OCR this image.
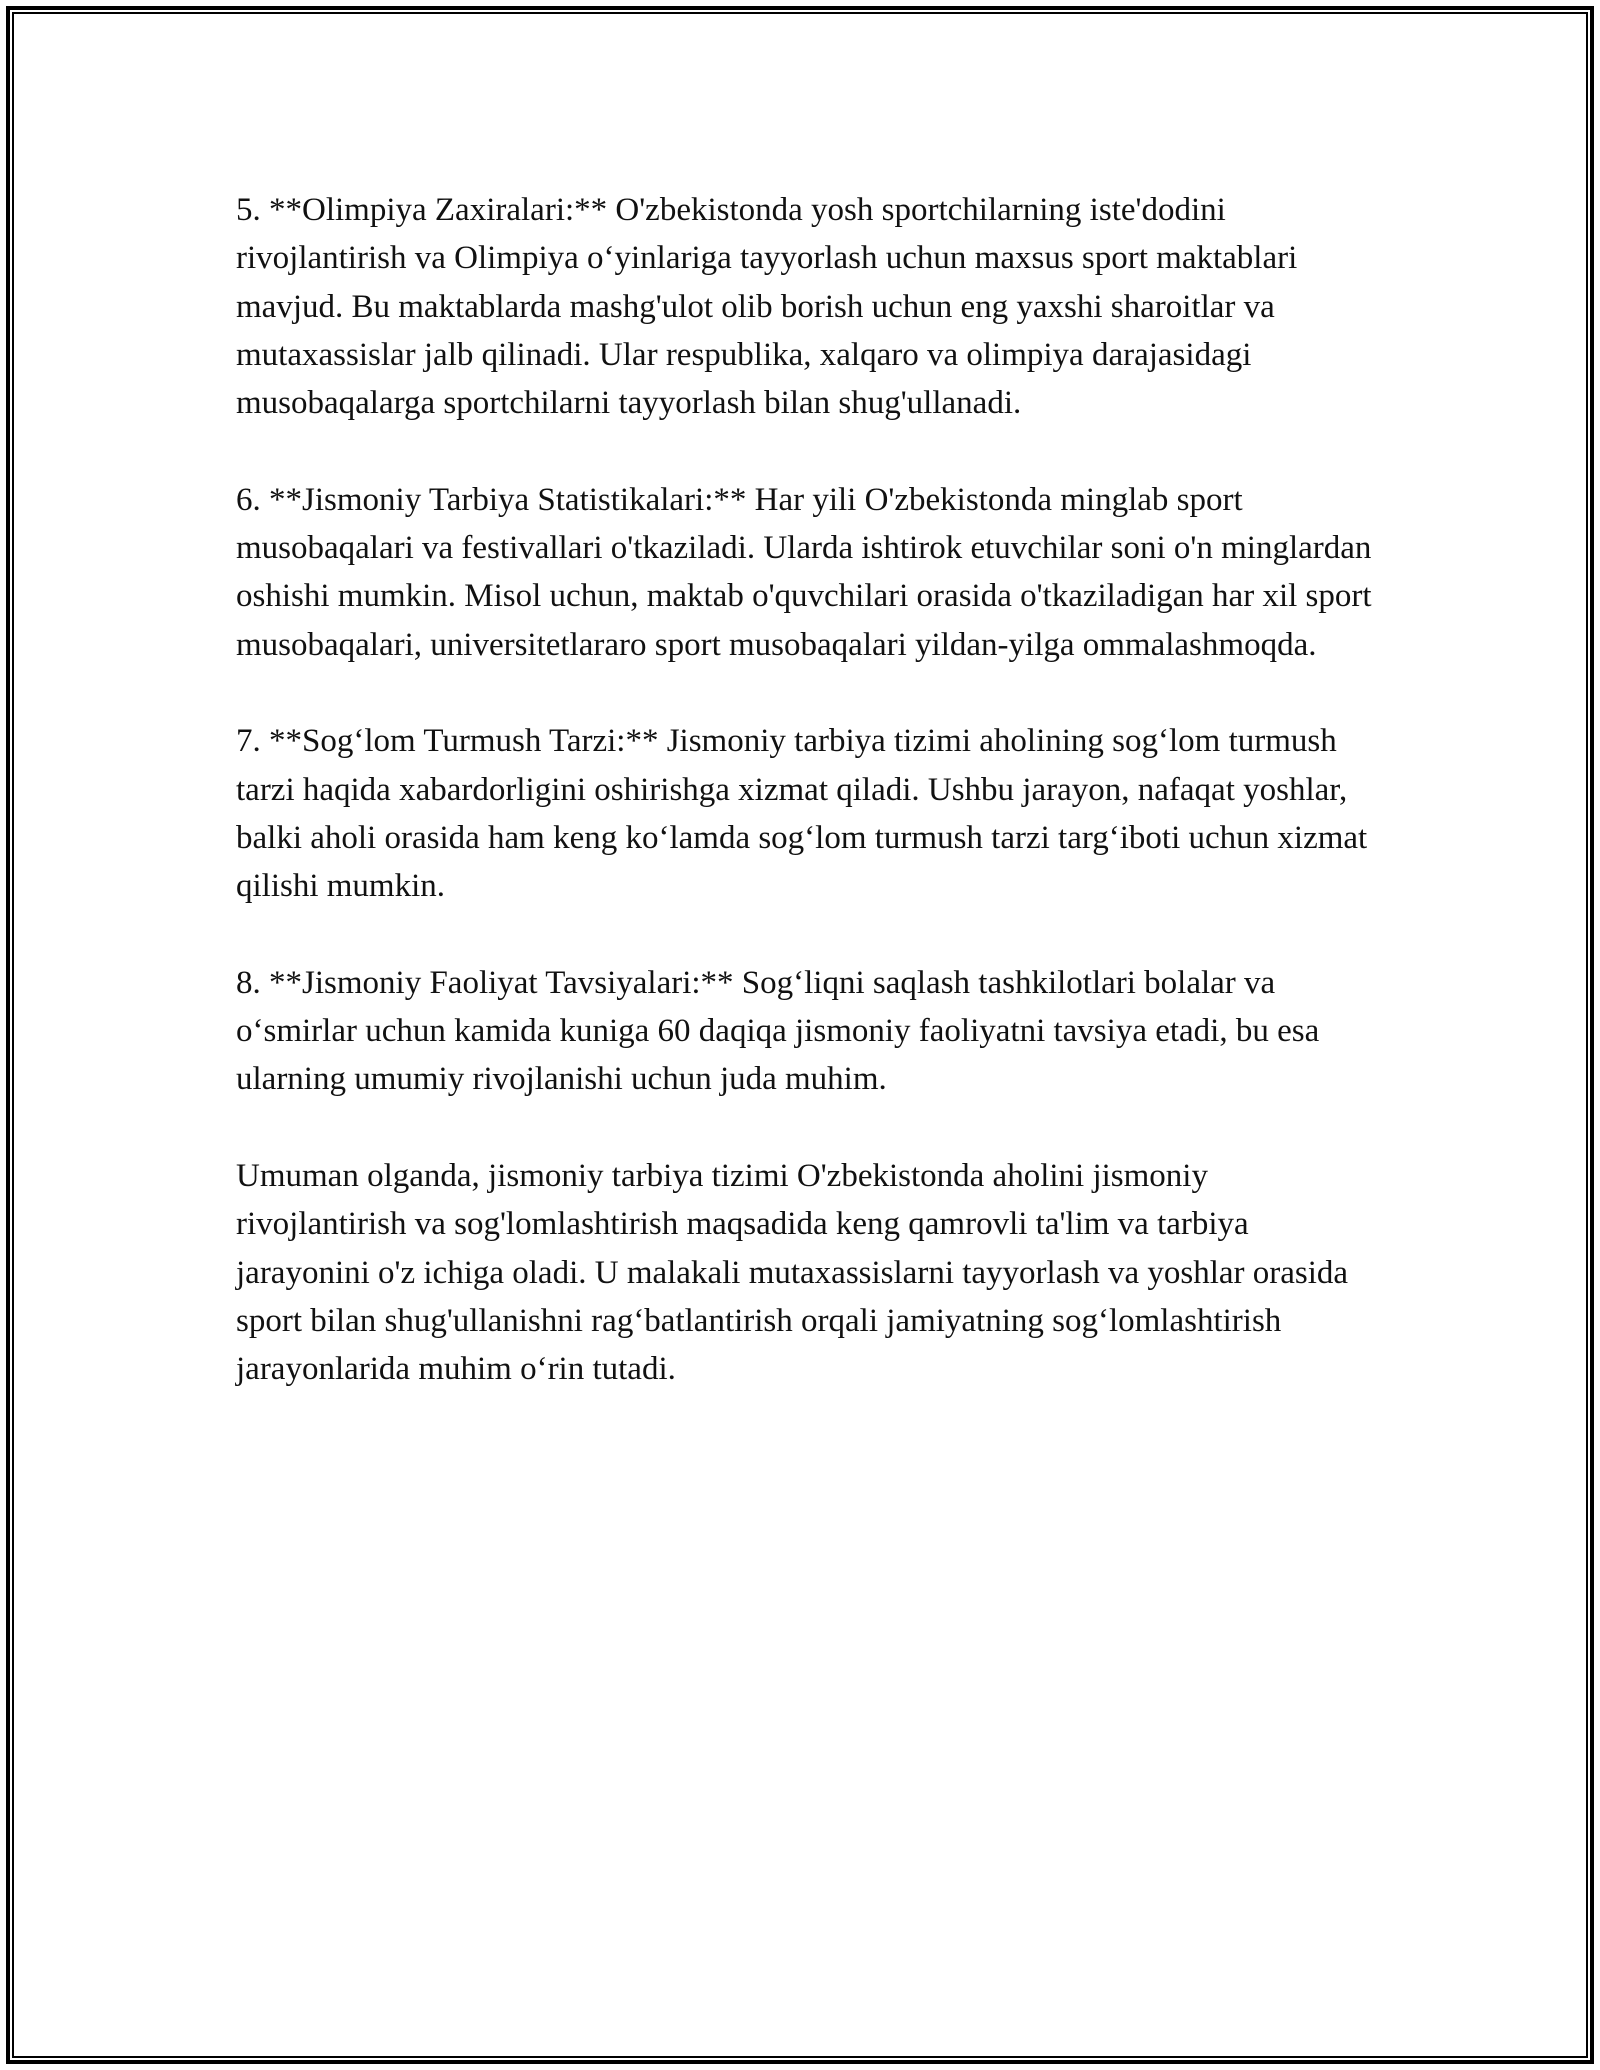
5. **Olimpiya Zaxiralari:** O'zbekistonda yosh sportchilarning iste'dodini rivojlantirish va Olimpiya o‘yinlariga tayyorlash uchun maxsus sport maktablari mavjud. Bu maktablarda mashg'ulot olib borish uchun eng yaxshi sharoitlar va mutaxassislar jalb qilinadi. Ular respublika, xalqaro va olimpiya darajasidagi musobaqalarga sportchilarni tayyorlash bilan shug'ullanadi.

6. **Jismoniy Tarbiya Statistikalari:** Har yili O'zbekistonda minglab sport musobaqalari va festivallari o'tkaziladi. Ularda ishtirok etuvchilar soni o'n minglardan oshishi mumkin. Misol uchun, maktab o'quvchilari orasida o'tkaziladigan har xil sport musobaqalari, universitetlararo sport musobaqalari yildan-yilga ommalashmoqda.

7. **Sog‘lom Turmush Tarzi:** Jismoniy tarbiya tizimi aholining sog‘lom turmush tarzi haqida xabardorligini oshirishga xizmat qiladi. Ushbu jarayon, nafaqat yoshlar, balki aholi orasida ham keng ko‘lamda sog‘lom turmush tarzi targ‘iboti uchun xizmat qilishi mumkin.

8. **Jismoniy Faoliyat Tavsiyalari:** Sog‘liqni saqlash tashkilotlari bolalar va o‘smirlar uchun kamida kuniga 60 daqiqa jismoniy faoliyatni tavsiya etadi, bu esa ularning umumiy rivojlanishi uchun juda muhim.

Umuman olganda, jismoniy tarbiya tizimi O'zbekistonda aholini jismoniy rivojlantirish va sog'lomlashtirish maqsadida keng qamrovli ta'lim va tarbiya jarayonini o'z ichiga oladi. U malakali mutaxassislarni tayyorlash va yoshlar orasida sport bilan shug'ullanishni rag‘batlantirish orqali jamiyatning sog‘lomlashtirish jarayonlarida muhim o‘rin tutadi.
